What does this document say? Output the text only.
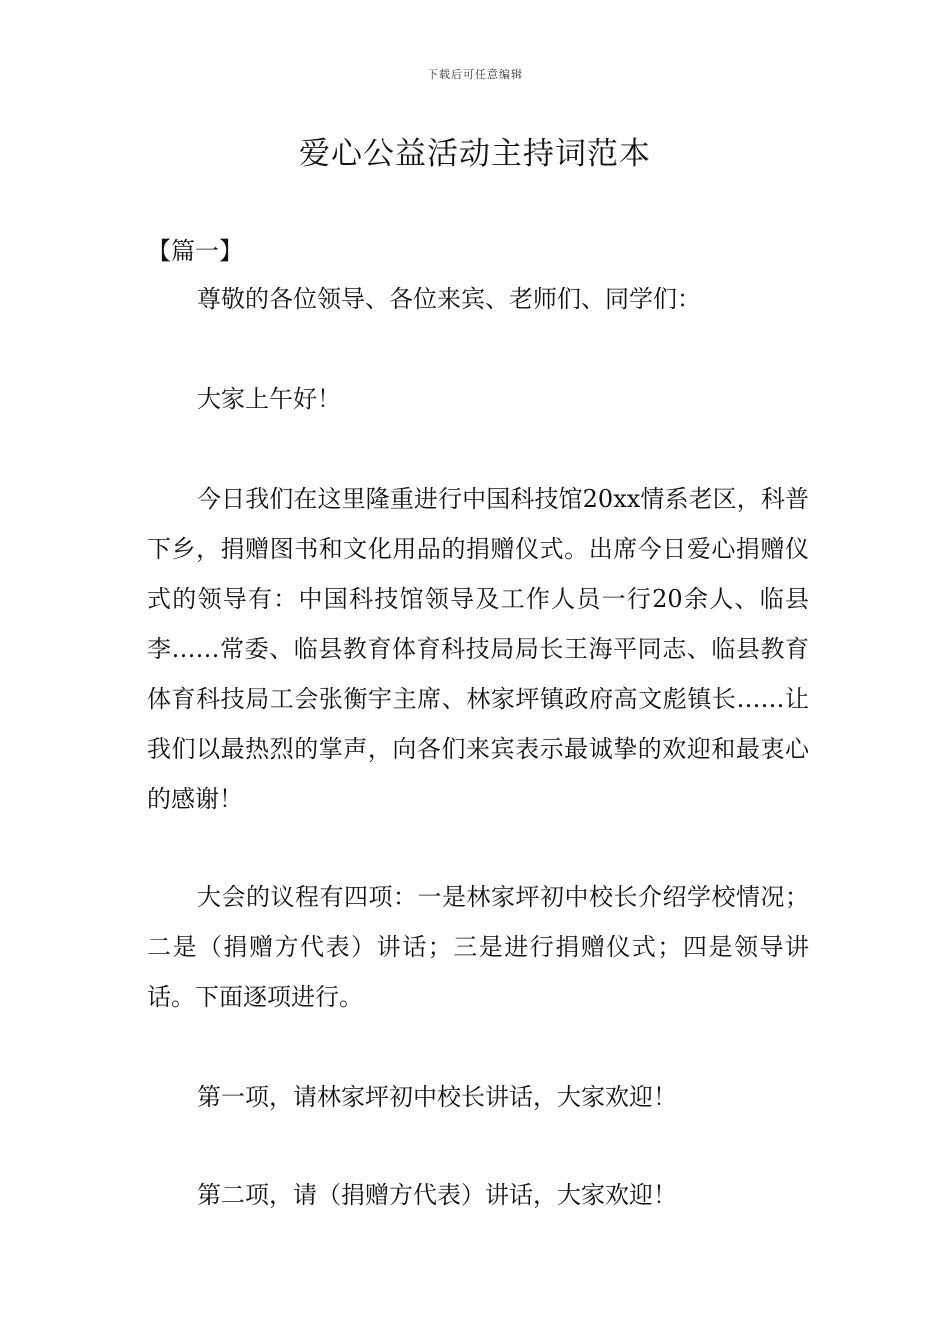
下载后可任意编辑
爱心公益活动主持词范本

【篇一】

尊敬的各位领导、各位来宾、老师们、同学们：

大家上午好！

今日我们在这里隆重进行中国科技馆20xx情系老区，科普下乡，捐赠图书和文化用品的捐赠仪式。出席今日爱心捐赠仪式的领导有：中国科技馆领导及工作人员一行20余人、临县李……常委、临县教育体育科技局局长王海平同志、临县教育体育科技局工会张衡宇主席、林家坪镇政府高文彪镇长……让我们以最热烈的掌声，向各们来宾表示最诚挚的欢迎和最衷心的感谢！

大会的议程有四项：一是林家坪初中校长介绍学校情况；二是（捐赠方代表）讲话；三是进行捐赠仪式；四是领导讲话。下面逐项进行。

第一项，请林家坪初中校长讲话，大家欢迎！

第二项，请（捐赠方代表）讲话，大家欢迎！
